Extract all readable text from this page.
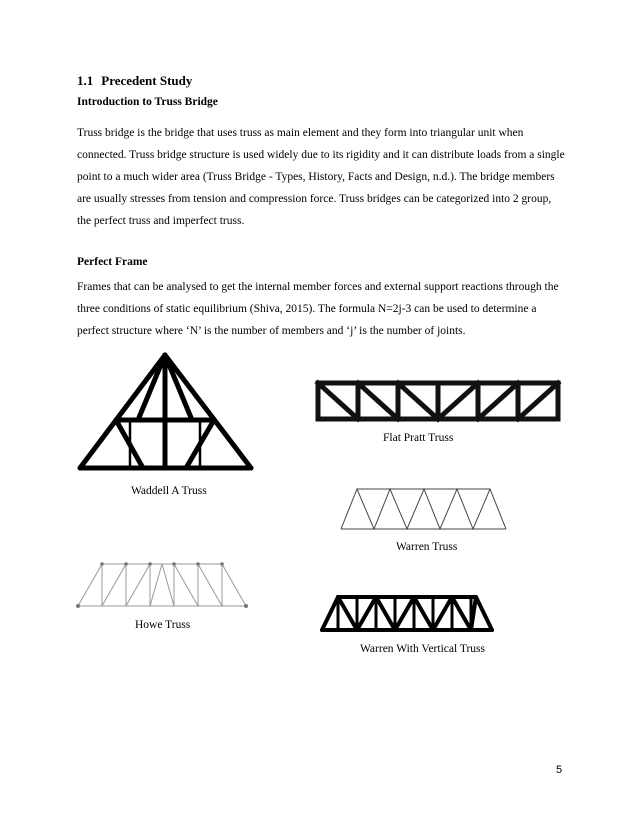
1.1 Precedent Study
Introduction to Truss Bridge
Truss bridge is the bridge that uses truss as main element and they form into triangular unit when
connected. Truss bridge structure is used widely due to its rigidity and it can distribute loads from a single
point to a much wider area (Truss Bridge - Types, History, Facts and Design, n.d.). The bridge members
are usually stresses from tension and compression force. Truss bridges can be categorized into 2 group,
the perfect truss and imperfect truss.
Perfect Frame
Frames that can be analysed to get the internal member forces and external support reactions through the
three conditions of static equilibrium (Shiva, 2015). The formula N=2j-3 can be used to determine a
perfect structure where ‘N’ is the number of members and ‘j’ is the number of joints.
Flat Pratt Truss
Waddell A Truss
Warren Truss
Howe Truss
Warren With Vertical Truss
5
